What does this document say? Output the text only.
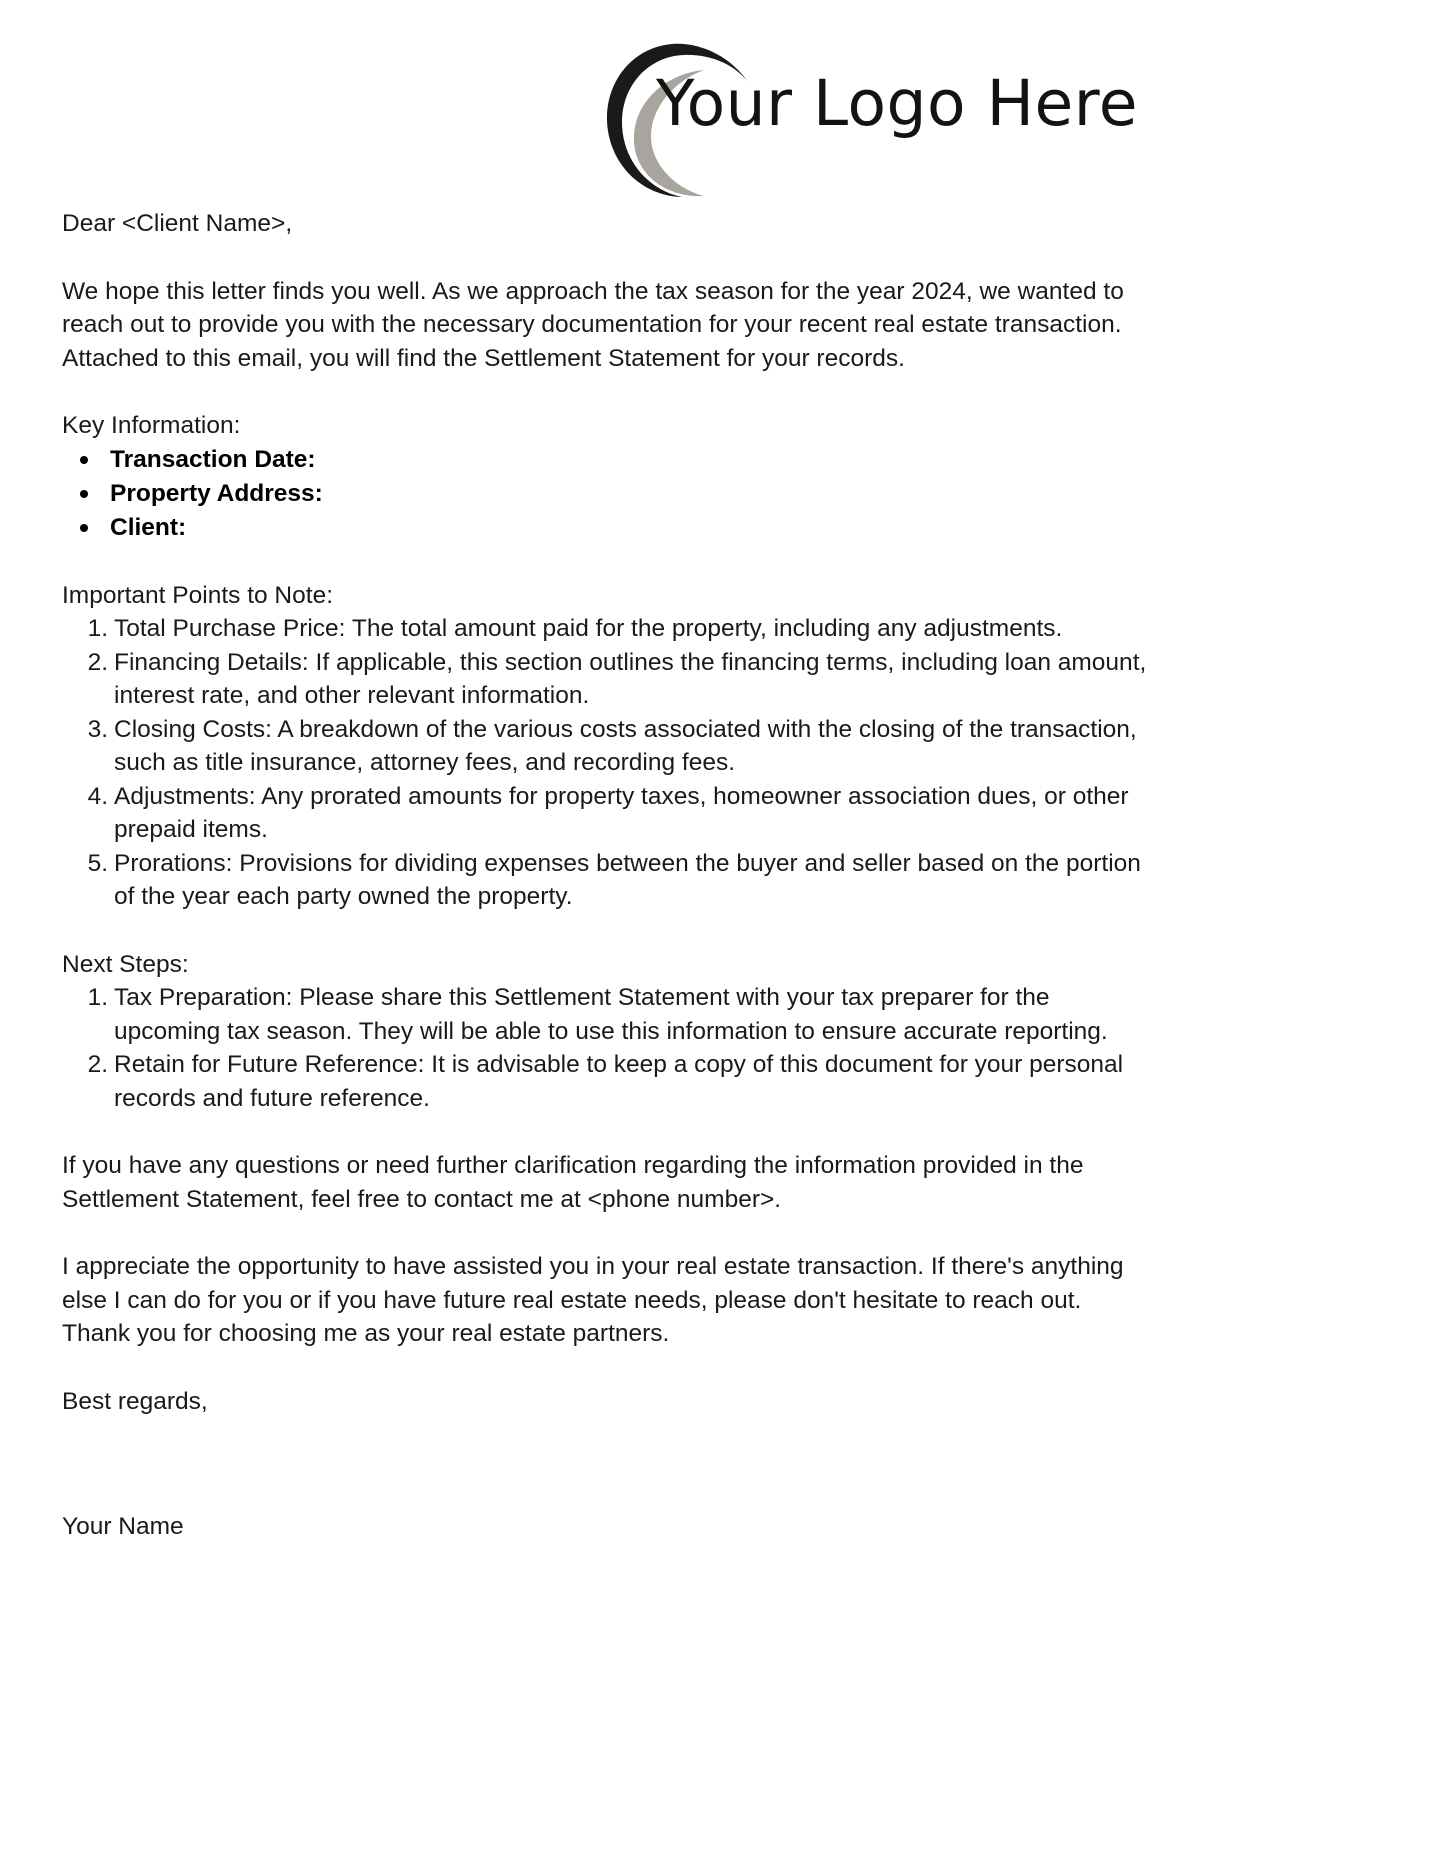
Your Logo Here

Dear <Client Name>,

We hope this letter finds you well. As we approach the tax season for the year 2024, we wanted to reach out to provide you with the necessary documentation for your recent real estate transaction. Attached to this email, you will find the Settlement Statement for your records.

Key Information:

Transaction Date:
Property Address:
Client:

Important Points to Note:

1. Total Purchase Price: The total amount paid for the property, including any adjustments.
2. Financing Details: If applicable, this section outlines the financing terms, including loan amount, interest rate, and other relevant information.
3. Closing Costs: A breakdown of the various costs associated with the closing of the transaction, such as title insurance, attorney fees, and recording fees.
4. Adjustments: Any prorated amounts for property taxes, homeowner association dues, or other prepaid items.
5. Prorations: Provisions for dividing expenses between the buyer and seller based on the portion of the year each party owned the property.

Next Steps:

1. Tax Preparation: Please share this Settlement Statement with your tax preparer for the upcoming tax season. They will be able to use this information to ensure accurate reporting.
2. Retain for Future Reference: It is advisable to keep a copy of this document for your personal records and future reference.

If you have any questions or need further clarification regarding the information provided in the Settlement Statement, feel free to contact me at <phone number>.

I appreciate the opportunity to have assisted you in your real estate transaction. If there's anything else I can do for you or if you have future real estate needs, please don't hesitate to reach out.

Thank you for choosing me as your real estate partners.

Best regards,

Your Name
